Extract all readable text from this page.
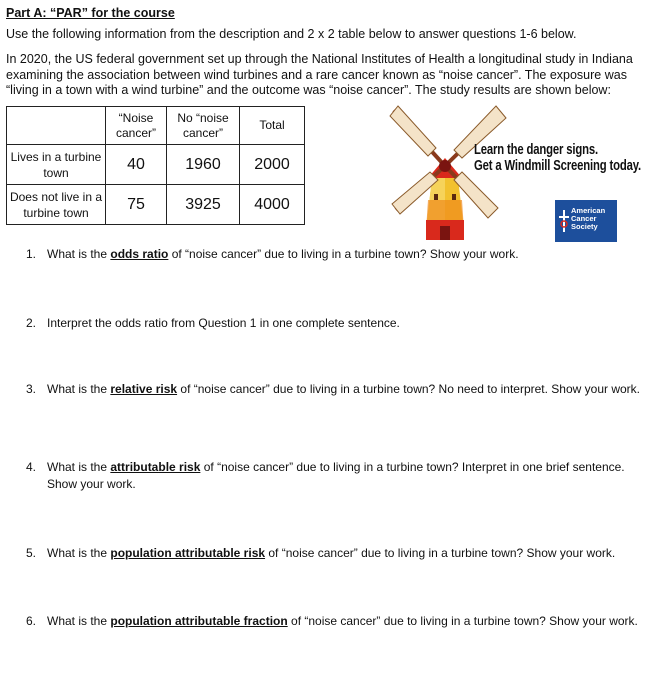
Part A: “PAR” for the course
Use the following information from the description and 2 x 2 table below to answer questions 1-6 below.
In 2020, the US federal government set up through the National Institutes of Health a longitudinal study in Indiana examining the association between wind turbines and a rare cancer known as “noise cancer”. The exposure was “living in a town with a wind turbine” and the outcome was “noise cancer”. The study results are shown below:
	“Noise cancer”	No “noise cancer”	Total
Lives in a turbine town	40	1960	2000
Does not live in a turbine town	75	3925	4000
Learn the danger signs.
Get a Windmill Screening today.
American
Cancer
Society
1. What is the odds ratio of “noise cancer” due to living in a turbine town? Show your work.
2. Interpret the odds ratio from Question 1 in one complete sentence.
3. What is the relative risk of “noise cancer” due to living in a turbine town? No need to interpret. Show your work.
4. What is the attributable risk of “noise cancer” due to living in a turbine town? Interpret in one brief sentence. Show your work.
5. What is the population attributable risk of “noise cancer” due to living in a turbine town? Show your work.
6. What is the population attributable fraction of “noise cancer” due to living in a turbine town? Show your work.
